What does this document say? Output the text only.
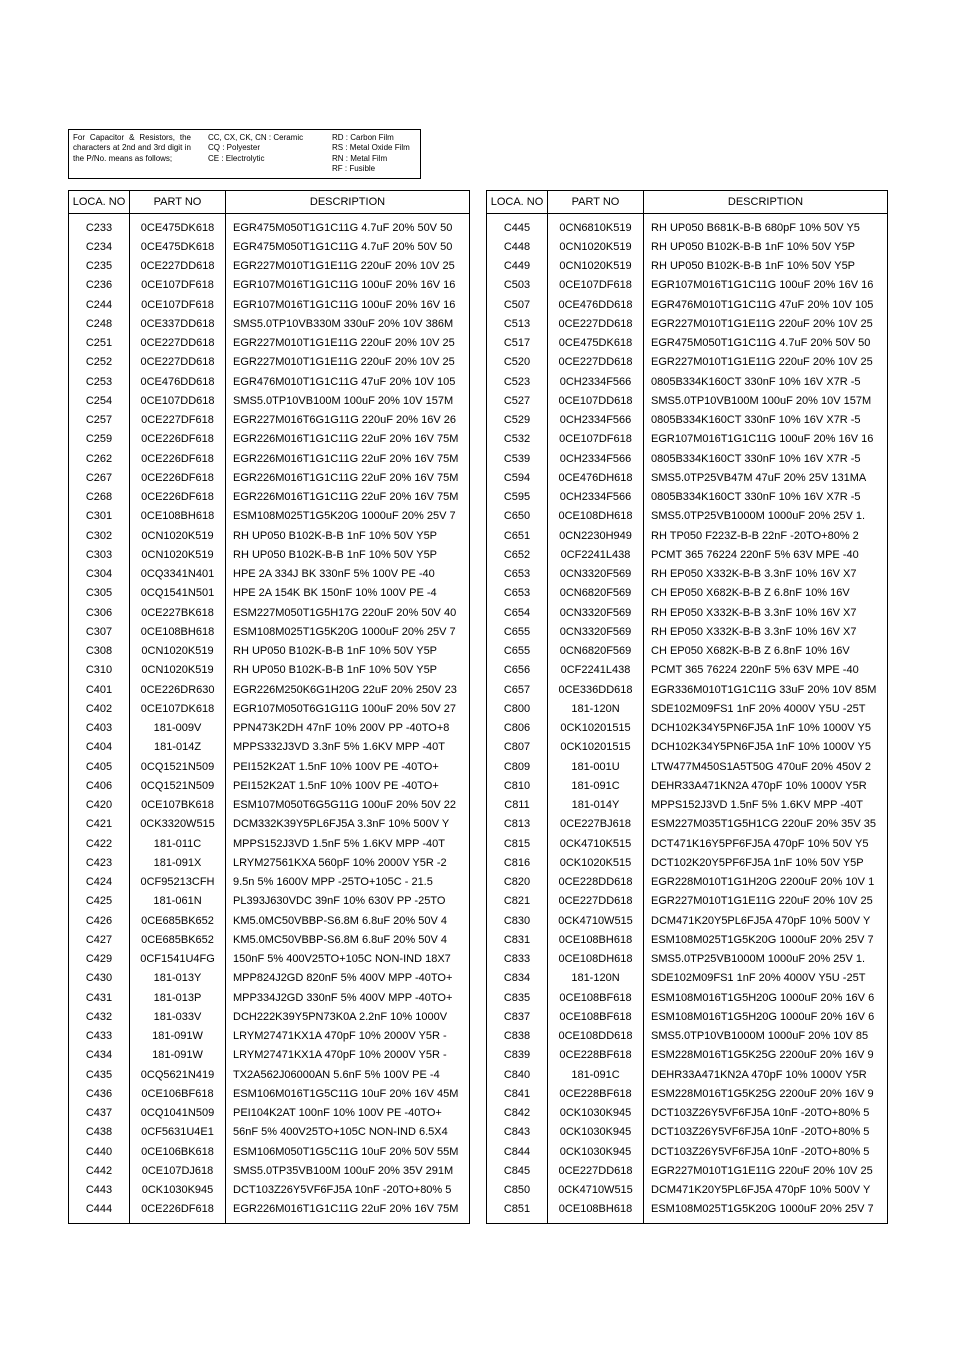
For Capacitor & Resistors, the characters at 2nd and 3rd digit in the P/No. means as follows;
CC, CX, CK, CN : Ceramic
CQ : Polyester
CE : Electrolytic
RD : Carbon Film
RS : Metal Oxide Film
RN : Metal Film
RF : Fusible
LOCA. NO	PART NO	DESCRIPTION
C233	0CE475DK618	EGR475M050T1G1C11G 4.7uF 20% 50V 50
C234	0CE475DK618	EGR475M050T1G1C11G 4.7uF 20% 50V 50
C235	0CE227DD618	EGR227M010T1G1E11G 220uF 20% 10V 25
C236	0CE107DF618	EGR107M016T1G1C11G 100uF 20% 16V 16
C244	0CE107DF618	EGR107M016T1G1C11G 100uF 20% 16V 16
C248	0CE337DD618	SMS5.0TP10VB330M 330uF 20% 10V 386M
C251	0CE227DD618	EGR227M010T1G1E11G 220uF 20% 10V 25
C252	0CE227DD618	EGR227M010T1G1E11G 220uF 20% 10V 25
C253	0CE476DD618	EGR476M010T1G1C11G 47uF 20% 10V 105
C254	0CE107DD618	SMS5.0TP10VB100M 100uF 20% 10V 157M
C257	0CE227DF618	EGR227M016T6G1G11G 220uF 20% 16V 26
C259	0CE226DF618	EGR226M016T1G1C11G 22uF 20% 16V 75M
C262	0CE226DF618	EGR226M016T1G1C11G 22uF 20% 16V 75M
C267	0CE226DF618	EGR226M016T1G1C11G 22uF 20% 16V 75M
C268	0CE226DF618	EGR226M016T1G1C11G 22uF 20% 16V 75M
C301	0CE108BH618	ESM108M025T1G5K20G 1000uF 20% 25V 7
C302	0CN1020K519	RH UP050 B102K-B-B 1nF 10% 50V Y5P
C303	0CN1020K519	RH UP050 B102K-B-B 1nF 10% 50V Y5P
C304	0CQ3341N401	HPE 2A 334J BK 330nF 5% 100V PE -40
C305	0CQ1541N501	HPE 2A 154K BK 150nF 10% 100V PE -4
C306	0CE227BK618	ESM227M050T1G5H17G 220uF 20% 50V 40
C307	0CE108BH618	ESM108M025T1G5K20G 1000uF 20% 25V 7
C308	0CN1020K519	RH UP050 B102K-B-B 1nF 10% 50V Y5P
C310	0CN1020K519	RH UP050 B102K-B-B 1nF 10% 50V Y5P
C401	0CE226DR630	EGR226M250K6G1H20G 22uF 20% 250V 23
C402	0CE107DK618	EGR107M050T6G1G11G 100uF 20% 50V 27
C403	181-009V	PPN473K2DH 47nF 10% 200V PP -40TO+8
C404	181-014Z	MPPS332J3VD 3.3nF 5% 1.6KV MPP -40T
C405	0CQ1521N509	PEI152K2AT 1.5nF 10% 100V PE -40TO+
C406	0CQ1521N509	PEI152K2AT 1.5nF 10% 100V PE -40TO+
C420	0CE107BK618	ESM107M050T6G5G11G 100uF 20% 50V 22
C421	0CK3320W515	DCM332K39Y5PL6FJ5A 3.3nF 10% 500V Y
C422	181-011C	MPPS152J3VD 1.5nF 5% 1.6KV MPP -40T
C423	181-091X	LRYM27561KXA 560pF 10% 2000V Y5R -2
C424	0CF95213CFH	9.5n 5% 1600V MPP -25TO+105C - 21.5
C425	181-061N	PL393J630VDC 39nF 10% 630V PP -25TO
C426	0CE685BK652	KM5.0MC50VBBP-S6.8M 6.8uF 20% 50V 4
C427	0CE685BK652	KM5.0MC50VBBP-S6.8M 6.8uF 20% 50V 4
C429	0CF1541U4FG	150nF 5% 400V25TO+105C NON-IND 18X7
C430	181-013Y	MPP824J2GD 820nF 5% 400V MPP -40TO+
C431	181-013P	MPP334J2GD 330nF 5% 400V MPP -40TO+
C432	181-033V	DCH222K39Y5PN73K0A 2.2nF 10% 1000V
C433	181-091W	LRYM27471KX1A 470pF 10% 2000V Y5R -
C434	181-091W	LRYM27471KX1A 470pF 10% 2000V Y5R -
C435	0CQ5621N419	TX2A562J06000AN 5.6nF 5% 100V PE -4
C436	0CE106BF618	ESM106M016T1G5C11G 10uF 20% 16V 45M
C437	0CQ1041N509	PEI104K2AT 100nF 10% 100V PE -40TO+
C438	0CF5631U4E1	56nF 5% 400V25TO+105C NON-IND 6.5X4
C440	0CE106BK618	ESM106M050T1G5C11G 10uF 20% 50V 55M
C442	0CE107DJ618	SMS5.0TP35VB100M 100uF 20% 35V 291M
C443	0CK1030K945	DCT103Z26Y5VF6FJ5A 10nF -20TO+80% 5
C444	0CE226DF618	EGR226M016T1G1C11G 22uF 20% 16V 75M
LOCA. NO	PART NO	DESCRIPTION
C445	0CN6810K519	RH UP050 B681K-B-B 680pF 10% 50V Y5
C448	0CN1020K519	RH UP050 B102K-B-B 1nF 10% 50V Y5P
C449	0CN1020K519	RH UP050 B102K-B-B 1nF 10% 50V Y5P
C503	0CE107DF618	EGR107M016T1G1C11G 100uF 20% 16V 16
C507	0CE476DD618	EGR476M010T1G1C11G 47uF 20% 10V 105
C513	0CE227DD618	EGR227M010T1G1E11G 220uF 20% 10V 25
C517	0CE475DK618	EGR475M050T1G1C11G 4.7uF 20% 50V 50
C520	0CE227DD618	EGR227M010T1G1E11G 220uF 20% 10V 25
C523	0CH2334F566	0805B334K160CT 330nF 10% 16V X7R -5
C527	0CE107DD618	SMS5.0TP10VB100M 100uF 20% 10V 157M
C529	0CH2334F566	0805B334K160CT 330nF 10% 16V X7R -5
C532	0CE107DF618	EGR107M016T1G1C11G 100uF 20% 16V 16
C539	0CH2334F566	0805B334K160CT 330nF 10% 16V X7R -5
C594	0CE476DH618	SMS5.0TP25VB47M 47uF 20% 25V 131MA
C595	0CH2334F566	0805B334K160CT 330nF 10% 16V X7R -5
C650	0CE108DH618	SMS5.0TP25VB1000M 1000uF 20% 25V 1.
C651	0CN2230H949	RH TP050 F223Z-B-B 22nF -20TO+80% 2
C652	0CF2241L438	PCMT 365 76224 220nF 5% 63V MPE -40
C653	0CN3320F569	RH EP050 X332K-B-B 3.3nF 10% 16V X7
C653	0CN6820F569	CH EP050 X682K-B-B Z 6.8nF 10% 16V
C654	0CN3320F569	RH EP050 X332K-B-B 3.3nF 10% 16V X7
C655	0CN3320F569	RH EP050 X332K-B-B 3.3nF 10% 16V X7
C655	0CN6820F569	CH EP050 X682K-B-B Z 6.8nF 10% 16V
C656	0CF2241L438	PCMT 365 76224 220nF 5% 63V MPE -40
C657	0CE336DD618	EGR336M010T1G1C11G 33uF 20% 10V 85M
C800	181-120N	SDE102M09FS1 1nF 20% 4000V Y5U -25T
C806	0CK10201515	DCH102K34Y5PN6FJ5A 1nF 10% 1000V Y5
C807	0CK10201515	DCH102K34Y5PN6FJ5A 1nF 10% 1000V Y5
C809	181-001U	LTW477M450S1A5T50G 470uF 20% 450V 2
C810	181-091C	DEHR33A471KN2A 470pF 10% 1000V Y5R
C811	181-014Y	MPPS152J3VD 1.5nF 5% 1.6KV MPP -40T
C813	0CE227BJ618	ESM227M035T1G5H1CG 220uF 20% 35V 35
C815	0CK4710K515	DCT471K16Y5PF6FJ5A 470pF 10% 50V Y5
C816	0CK1020K515	DCT102K20Y5PF6FJ5A 1nF 10% 50V Y5P
C820	0CE228DD618	EGR228M010T1G1H20G 2200uF 20% 10V 1
C821	0CE227DD618	EGR227M010T1G1E11G 220uF 20% 10V 25
C830	0CK4710W515	DCM471K20Y5PL6FJ5A 470pF 10% 500V Y
C831	0CE108BH618	ESM108M025T1G5K20G 1000uF 20% 25V 7
C833	0CE108DH618	SMS5.0TP25VB1000M 1000uF 20% 25V 1.
C834	181-120N	SDE102M09FS1 1nF 20% 4000V Y5U -25T
C835	0CE108BF618	ESM108M016T1G5H20G 1000uF 20% 16V 6
C837	0CE108BF618	ESM108M016T1G5H20G 1000uF 20% 16V 6
C838	0CE108DD618	SMS5.0TP10VB1000M 1000uF 20% 10V 85
C839	0CE228BF618	ESM228M016T1G5K25G 2200uF 20% 16V 9
C840	181-091C	DEHR33A471KN2A 470pF 10% 1000V Y5R
C841	0CE228BF618	ESM228M016T1G5K25G 2200uF 20% 16V 9
C842	0CK1030K945	DCT103Z26Y5VF6FJ5A 10nF -20TO+80% 5
C843	0CK1030K945	DCT103Z26Y5VF6FJ5A 10nF -20TO+80% 5
C844	0CK1030K945	DCT103Z26Y5VF6FJ5A 10nF -20TO+80% 5
C845	0CE227DD618	EGR227M010T1G1E11G 220uF 20% 10V 25
C850	0CK4710W515	DCM471K20Y5PL6FJ5A 470pF 10% 500V Y
C851	0CE108BH618	ESM108M025T1G5K20G 1000uF 20% 25V 7
